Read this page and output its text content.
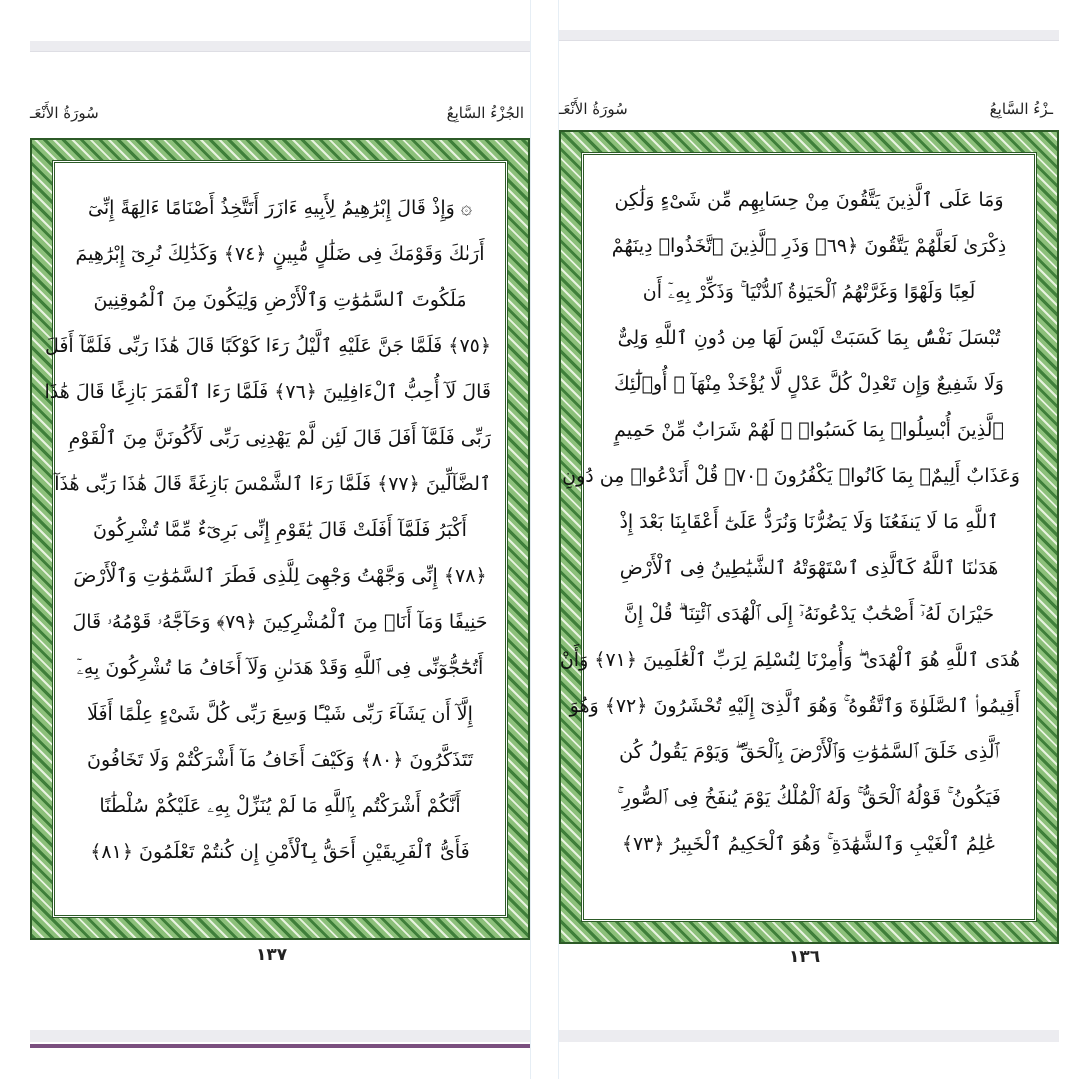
سُورَةُ الأَنْعَـ	الجُزْءُ السَّابِعُ
۞ وَإِذْ قَالَ إِبْرَٰهِيمُ لِأَبِيهِ ءَازَرَ أَتَتَّخِذُ أَصْنَامًا ءَالِهَةً إِنِّىٓ
أَرَىٰكَ وَقَوْمَكَ فِى ضَلَٰلٍ مُّبِينٍ ﴿٧٤﴾ وَكَذَٰلِكَ نُرِىٓ إِبْرَٰهِيمَ
مَلَكُوتَ ٱلسَّمَٰوَٰتِ وَٱلْأَرْضِ وَلِيَكُونَ مِنَ ٱلْمُوقِنِينَ
﴿٧٥﴾ فَلَمَّا جَنَّ عَلَيْهِ ٱلَّيْلُ رَءَا كَوْكَبًا قَالَ هَٰذَا رَبِّى فَلَمَّآ أَفَلَ
قَالَ لَآ أُحِبُّ ٱلْءَافِلِينَ ﴿٧٦﴾ فَلَمَّا رَءَا ٱلْقَمَرَ بَازِغًا قَالَ هَٰذَا
رَبِّى فَلَمَّآ أَفَلَ قَالَ لَئِن لَّمْ يَهْدِنِى رَبِّى لَأَكُونَنَّ مِنَ ٱلْقَوْمِ
ٱلضَّآلِّينَ ﴿٧٧﴾ فَلَمَّا رَءَا ٱلشَّمْسَ بَازِغَةً قَالَ هَٰذَا رَبِّى هَٰذَآ
أَكْبَرُ فَلَمَّآ أَفَلَتْ قَالَ يَٰقَوْمِ إِنِّى بَرِىٓءٌ مِّمَّا تُشْرِكُونَ
﴿٧٨﴾ إِنِّى وَجَّهْتُ وَجْهِىَ لِلَّذِى فَطَرَ ٱلسَّمَٰوَٰتِ وَٱلْأَرْضَ
حَنِيفًا وَمَآ أَنَا۠ مِنَ ٱلْمُشْرِكِينَ ﴿٧٩﴾ وَحَآجَّهُۥ قَوْمُهُۥ قَالَ
أَتُحَٰٓجُّوٓنِّى فِى ٱللَّهِ وَقَدْ هَدَىٰنِ وَلَآ أَخَافُ مَا تُشْرِكُونَ بِهِۦٓ
إِلَّآ أَن يَشَآءَ رَبِّى شَيْـًٔا وَسِعَ رَبِّى كُلَّ شَىْءٍ عِلْمًا أَفَلَا
تَتَذَكَّرُونَ ﴿٨٠﴾ وَكَيْفَ أَخَافُ مَآ أَشْرَكْتُمْ وَلَا تَخَافُونَ
أَنَّكُمْ أَشْرَكْتُم بِٱللَّهِ مَا لَمْ يُنَزِّلْ بِهِۦ عَلَيْكُمْ سُلْطَٰنًا
فَأَىُّ ٱلْفَرِيقَيْنِ أَحَقُّ بِٱلْأَمْنِ إِن كُنتُمْ تَعْلَمُونَ ﴿٨١﴾
١٣٧
سُورَةُ الأَنْعَـ	ـزْءُ السَّابِعُ
وَمَا عَلَى ٱلَّذِينَ يَتَّقُونَ مِنْ حِسَابِهِم مِّن شَىْءٍ وَلَٰكِن
ذِكْرَىٰ لَعَلَّهُمْ يَتَّقُونَ ﴿٦٩﴾ وَذَرِ ٱلَّذِينَ ٱتَّخَذُوا۟ دِينَهُمْ
لَعِبًا وَلَهْوًا وَغَرَّتْهُمُ ٱلْحَيَوٰةُ ٱلدُّنْيَا ۚ وَذَكِّرْ بِهِۦٓ أَن
تُبْسَلَ نَفْسٌۢ بِمَا كَسَبَتْ لَيْسَ لَهَا مِن دُونِ ٱللَّهِ وَلِىٌّ
وَلَا شَفِيعٌ وَإِن تَعْدِلْ كُلَّ عَدْلٍ لَّا يُؤْخَذْ مِنْهَآ ۗ أُو۟لَٰٓئِكَ
ٱلَّذِينَ أُبْسِلُوا۟ بِمَا كَسَبُوا۟ ۖ لَهُمْ شَرَابٌ مِّنْ حَمِيمٍ
وَعَذَابٌ أَلِيمٌۢ بِمَا كَانُوا۟ يَكْفُرُونَ ﴿٧٠﴾ قُلْ أَنَدْعُوا۟ مِن دُونِ
ٱللَّهِ مَا لَا يَنفَعُنَا وَلَا يَضُرُّنَا وَنُرَدُّ عَلَىٰٓ أَعْقَابِنَا بَعْدَ إِذْ
هَدَىٰنَا ٱللَّهُ كَٱلَّذِى ٱسْتَهْوَتْهُ ٱلشَّيَٰطِينُ فِى ٱلْأَرْضِ
حَيْرَانَ لَهُۥٓ أَصْحَٰبٌ يَدْعُونَهُۥٓ إِلَى ٱلْهُدَى ٱئْتِنَا ۗ قُلْ إِنَّ
هُدَى ٱللَّهِ هُوَ ٱلْهُدَىٰ ۖ وَأُمِرْنَا لِنُسْلِمَ لِرَبِّ ٱلْعَٰلَمِينَ ﴿٧١﴾ وَأَنْ
أَقِيمُوا۟ ٱلصَّلَوٰةَ وَٱتَّقُوهُ ۚ وَهُوَ ٱلَّذِىٓ إِلَيْهِ تُحْشَرُونَ ﴿٧٢﴾ وَهُوَ
ٱلَّذِى خَلَقَ ٱلسَّمَٰوَٰتِ وَٱلْأَرْضَ بِٱلْحَقِّ ۖ وَيَوْمَ يَقُولُ كُن
فَيَكُونُ ۚ قَوْلُهُ ٱلْحَقُّ ۚ وَلَهُ ٱلْمُلْكُ يَوْمَ يُنفَخُ فِى ٱلصُّورِ ۚ
عَٰلِمُ ٱلْغَيْبِ وَٱلشَّهَٰدَةِ ۚ وَهُوَ ٱلْحَكِيمُ ٱلْخَبِيرُ ﴿٧٣﴾
١٣٦
